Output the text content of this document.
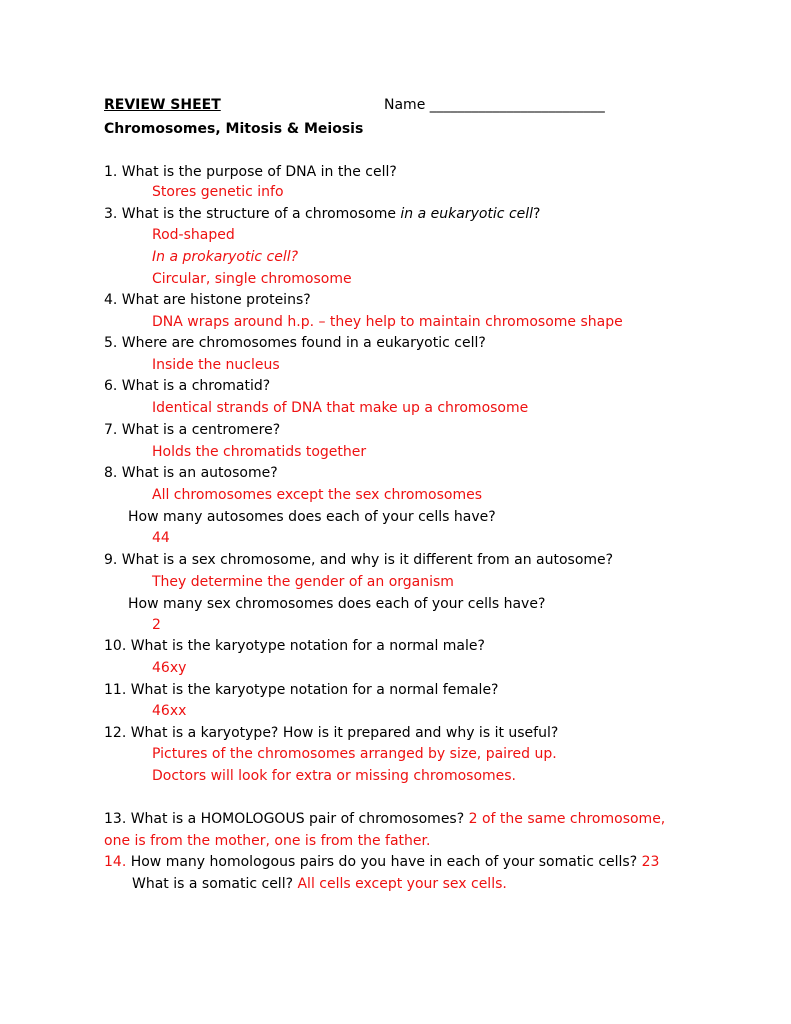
REVIEW SHEET	Name _________________________
Chromosomes, Mitosis & Meiosis
1. What is the purpose of DNA in the cell?
Stores genetic info
3. What is the structure of a chromosome in a eukaryotic cell?
Rod-shaped
In a prokaryotic cell?
Circular, single chromosome
4. What are histone proteins?
DNA wraps around h.p. – they help to maintain chromosome shape
5. Where are chromosomes found in a eukaryotic cell?
Inside the nucleus
6. What is a chromatid?
Identical strands of DNA that make up a chromosome
7. What is a centromere?
Holds the chromatids together
8. What is an autosome?
All chromosomes except the sex chromosomes
How many autosomes does each of your cells have?
44
9. What is a sex chromosome, and why is it different from an autosome?
They determine the gender of an organism
How many sex chromosomes does each of your cells have?
2
10. What is the karyotype notation for a normal male?
46xy
11. What is the karyotype notation for a normal female?
46xx
12. What is a karyotype? How is it prepared and why is it useful?
Pictures of the chromosomes arranged by size, paired up.
Doctors will look for extra or missing chromosomes.
13. What is a HOMOLOGOUS pair of chromosomes? 2 of the same chromosome,
one is from the mother, one is from the father.
14. How many homologous pairs do you have in each of your somatic cells? 23
What is a somatic cell? All cells except your sex cells.
